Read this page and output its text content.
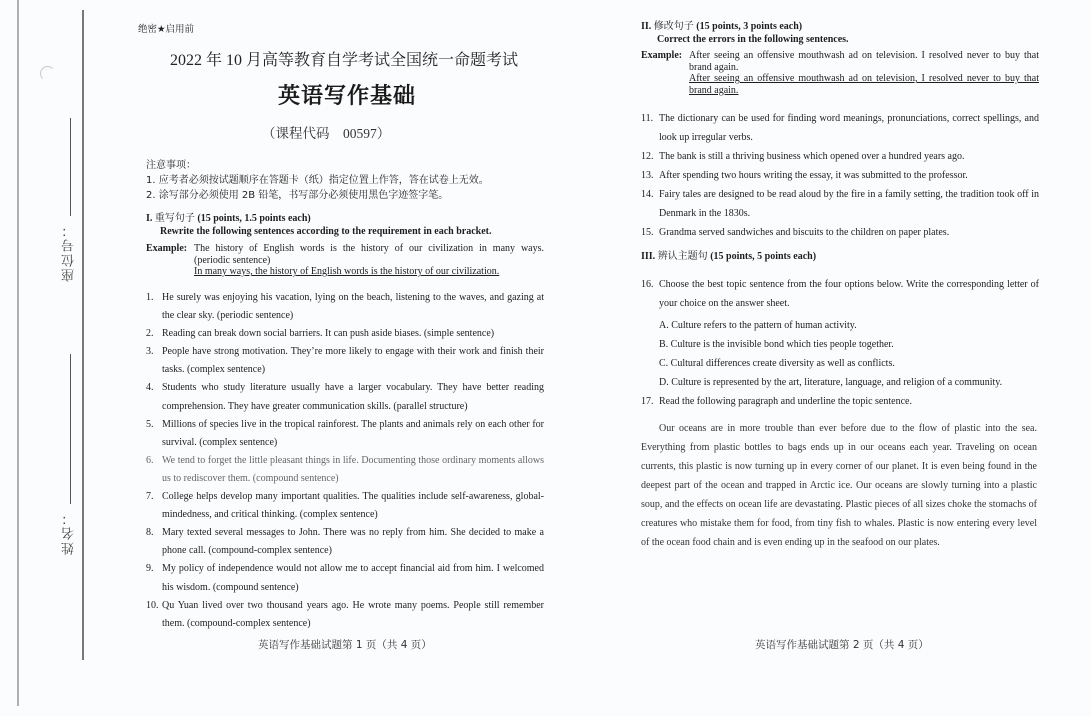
座位号：
姓名：
绝密★启用前
2022 年 10 月高等教育自学考试全国统一命题考试
英语写作基础
（课程代码　00597）
注意事项：
1. 应考者必须按试题顺序在答题卡（纸）指定位置上作答，答在试卷上无效。
2. 涂写部分必须使用 2B 铅笔，书写部分必须使用黑色字迹签字笔。
I. 重写句子 (15 points, 1.5 points each)
Rewrite the following sentences according to the requirement in each bracket.
Example: The history of English words is the history of our civilization in many ways.
(periodic sentence)
In many ways, the history of English words is the history of our civilization.
1. He surely was enjoying his vacation, lying on the beach, listening to the waves, and gazing at the clear sky. (periodic sentence)
2. Reading can break down social barriers. It can push aside biases. (simple sentence)
3. People have strong motivation. They’re more likely to engage with their work and finish their tasks. (complex sentence)
4. Students who study literature usually have a larger vocabulary. They have better reading comprehension. They have greater communication skills. (parallel structure)
5. Millions of species live in the tropical rainforest. The plants and animals rely on each other for survival. (complex sentence)
6. We tend to forget the little pleasant things in life. Documenting those ordinary moments allows us to rediscover them. (compound sentence)
7. College helps develop many important qualities. The qualities include self-awareness, global-mindedness, and critical thinking. (complex sentence)
8. Mary texted several messages to John. There was no reply from him. She decided to make a phone call. (compound-complex sentence)
9. My policy of independence would not allow me to accept financial aid from him. I welcomed his wisdom. (compound sentence)
10. Qu Yuan lived over two thousand years ago. He wrote many poems. People still remember them. (compound-complex sentence)
英语写作基础试题第 1 页（共 4 页）
II. 修改句子 (15 points, 3 points each)
Correct the errors in the following sentences.
Example: After seeing an offensive mouthwash ad on television. I resolved never to buy that brand again.
After seeing an offensive mouthwash ad on television, I resolved never to buy that brand again.
11. The dictionary can be used for finding word meanings, pronunciations, correct spellings, and look up irregular verbs.
12. The bank is still a thriving business which opened over a hundred years ago.
13. After spending two hours writing the essay, it was submitted to the professor.
14. Fairy tales are designed to be read aloud by the fire in a family setting, the tradition took off in Denmark in the 1830s.
15. Grandma served sandwiches and biscuits to the children on paper plates.
III. 辨认主题句 (15 points, 5 points each)
16. Choose the best topic sentence from the four options below. Write the corresponding letter of your choice on the answer sheet.
A. Culture refers to the pattern of human activity.
B. Culture is the invisible bond which ties people together.
C. Cultural differences create diversity as well as conflicts.
D. Culture is represented by the art, literature, language, and religion of a community.
17. Read the following paragraph and underline the topic sentence.
Our oceans are in more trouble than ever before due to the flow of plastic into the sea. Everything from plastic bottles to bags ends up in our oceans each year. Traveling on ocean currents, this plastic is now turning up in every corner of our planet. It is even being found in the deepest part of the ocean and trapped in Arctic ice. Our oceans are slowly turning into a plastic soup, and the effects on ocean life are devastating. Plastic pieces of all sizes choke the stomachs of creatures who mistake them for food, from tiny fish to whales. Plastic is now entering every level of the ocean food chain and is even ending up in the seafood on our plates.
英语写作基础试题第 2 页（共 4 页）
